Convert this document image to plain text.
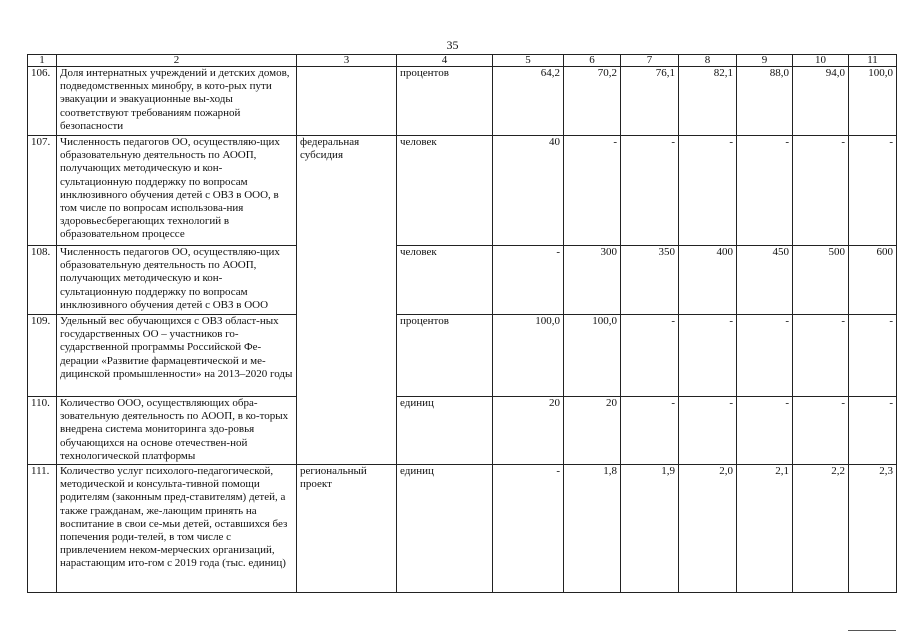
35
1	2	3	4	5	6	7	8	9	10	11
106.	Доля интернатных учреждений и детских домов, подведомственных минобру, в кото-рых пути эвакуации и эвакуационные вы-ходы соответствуют требованиям пожарной безопасности		процентов	64,2	70,2	76,1	82,1	88,0	94,0	100,0
107.	Численность педагогов ОО, осуществляю-щих образовательную деятельность по АООП, получающих методическую и кон-сультационную поддержку по вопросам инклюзивного обучения детей с ОВЗ в ООО, в том числе по вопросам использова-ния здоровьесберегающих технологий в образовательном процессе	федеральная субсидия	человек	40	-	-	-	-	-	-
108.	Численность педагогов ОО, осуществляю-щих образовательную деятельность по АООП, получающих методическую и кон-сультационную поддержку по вопросам инклюзивного обучения детей с ОВЗ в ООО		человек	-	300	350	400	450	500	600
109.	Удельный вес обучающихся с ОВЗ област-ных государственных ОО – участников го-сударственной программы Российской Фе-дерации «Развитие фармацевтической и ме-дицинской промышленности» на 2013–2020 годы		процентов	100,0	100,0	-	-	-	-	-
110.	Количество ООО, осуществляющих обра-зовательную деятельность по АООП, в ко-торых внедрена система мониторинга здо-ровья обучающихся на основе отечествен-ной технологической платформы		единиц	20	20	-	-	-	-	-
111.	Количество услуг психолого-педагогической, методической и консульта-тивной помощи родителям (законным пред-ставителям) детей, а также гражданам, же-лающим принять на воспитание в свои се-мьи детей, оставшихся без попечения роди-телей, в том числе с привлечением неком-мерческих организаций, нарастающим ито-гом с 2019 года (тыс. единиц)	региональный проект	единиц	-	1,8	1,9	2,0	2,1	2,2	2,3
